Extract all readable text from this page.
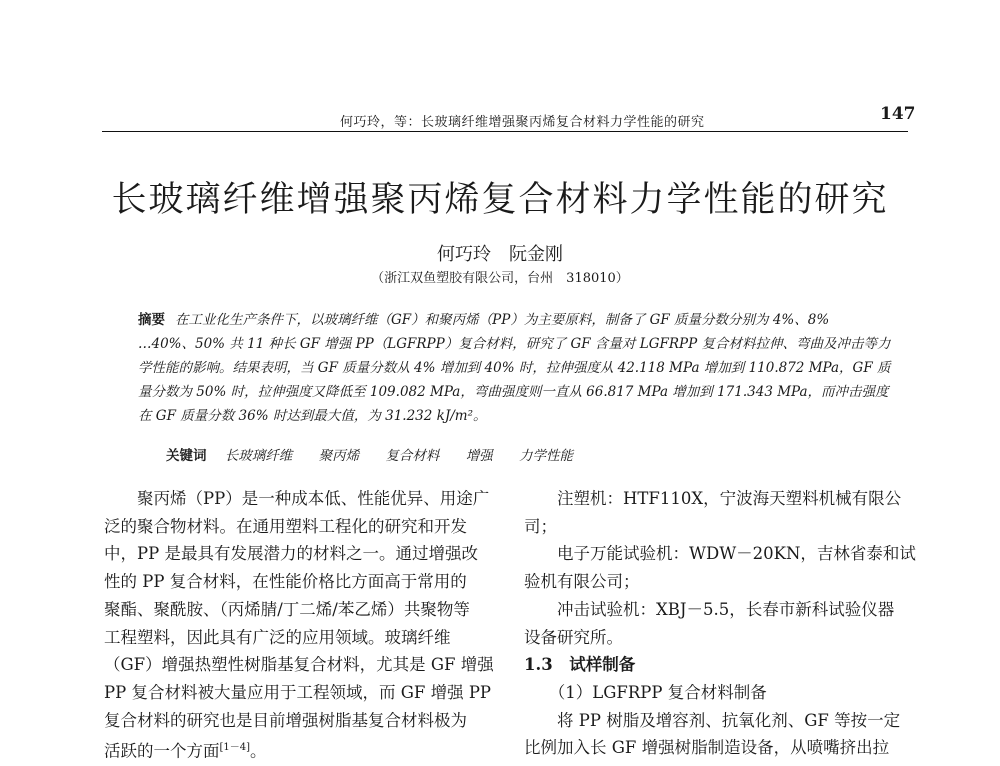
何巧玲，等：长玻璃纤维增强聚丙烯复合材料力学性能的研究	147
长玻璃纤维增强聚丙烯复合材料力学性能的研究
何巧玲　阮金刚
（浙江双鱼塑胶有限公司，台州　318010）
摘要 在工业化生产条件下，以玻璃纤维（GF）和聚丙烯（PP）为主要原料，制备了 GF 质量分数分别为 4%、8%
…40%、50% 共 11 种长 GF 增强 PP（LGFRPP）复合材料，研究了 GF 含量对 LGFRPP 复合材料拉伸、弯曲及冲击等力
学性能的影响。结果表明，当 GF 质量分数从 4% 增加到 40% 时，拉伸强度从 42.118 MPa 增加到 110.872 MPa，GF 质
量分数为 50% 时，拉伸强度又降低至 109.082 MPa，弯曲强度则一直从 66.817 MPa 增加到 171.343 MPa，而冲击强度
在 GF 质量分数 36% 时达到最大值，为 31.232 kJ/m²。
关键词 长玻璃纤维 聚丙烯 复合材料 增强 力学性能
　　聚丙烯（PP）是一种成本低、性能优异、用途广
泛的聚合物材料。在通用塑料工程化的研究和开发
中，PP 是最具有发展潜力的材料之一。通过增强改
性的 PP 复合材料，在性能价格比方面高于常用的
聚酯、聚酰胺、（丙烯腈/丁二烯/苯乙烯）共聚物等
工程塑料，因此具有广泛的应用领域。玻璃纤维
（GF）增强热塑性树脂基复合材料，尤其是 GF 增强
PP 复合材料被大量应用于工程领域，而 GF 增强 PP
复合材料的研究也是目前增强树脂基复合材料极为
活跃的一个方面[1－4]。
　　注塑机：HTF110X，宁波海天塑料机械有限公
司；
　　电子万能试验机：WDW－20KN，吉林省泰和试
验机有限公司；
　　冲击试验机：XBJ－5.5，长春市新科试验仪器
设备研究所。
1.3　试样制备
　　（1）LGFRPP 复合材料制备
　　将 PP 树脂及增容剂、抗氧化剂、GF 等按一定
比例加入长 GF 增强树脂制造设备，从喷嘴挤出拉
